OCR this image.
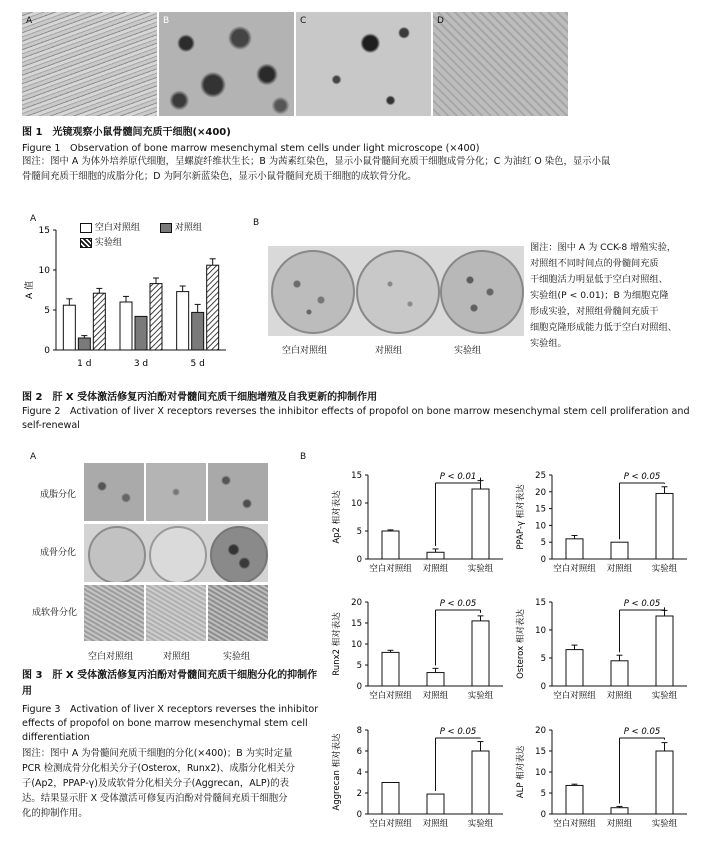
A	B	C	D
图 1　光镜观察小鼠骨髓间充质干细胞(×400)
Figure 1　Observation of bone marrow mesenchymal stem cells under light microscope (×400)
图注：图中 A 为体外培养原代细胞，呈螺旋纤维状生长；B 为茜素红染色，显示小鼠骨髓间充质干细胞成骨分化；C 为油红 O 染色，显示小鼠
骨髓间充质干细胞的成脂分化；D 为阿尔新蓝染色，显示小鼠骨髓间充质干细胞的成软骨分化。
A
0
5
10
15
A 值
1 d	3 d	5 d
空白对照组	对照组
实验组
B
空白对照组	对照组	实验组
图注：图中 A 为 CCK-8 增殖实验，
对照组不同时间点的骨髓间充质
干细胞活力明显低于空白对照组、
实验组(P < 0.01)；B 为细胞克隆
形成实验，对照组骨髓间充质干
细胞克隆形成能力低于空白对照组、
实验组。
图 2　肝 X 受体激活修复丙泊酚对骨髓间充质干细胞增殖及自我更新的抑制作用
Figure 2　Activation of liver X receptors reverses the inhibitor effects of propofol on bone marrow mesenchymal stem cell proliferation and
self-renewal
A
成脂分化
成骨分化
成软骨分化
空白对照组	对照组	实验组
图 3　肝 X 受体激活修复丙泊酚对骨髓间充质干细胞分化的抑制作
用
Figure 3　Activation of liver X receptors reverses the inhibitor
effects of propofol on bone marrow mesenchymal stem cell
differentiation
图注：图中 A 为骨髓间充质干细胞的分化(×400)；B 为实时定量
PCR 检测成骨分化相关分子(Osterox，Runx2)、成脂分化相关分
子(Ap2，PPAP-γ)及成软骨分化相关分子(Aggrecan，ALP)的表
达。结果显示肝 X 受体激活可修复丙泊酚对骨髓间充质干细胞分
化的抑制作用。
B
0
5
10
15
Ap2 相对表达
空白对照组 对照组 实验组
P < 0.01
0
5
10
15
20
25
PPAP-γ 相对表达
空白对照组 对照组 实验组
P < 0.05
0
5
10
15
20
Runx2 相对表达
空白对照组 对照组 实验组
P < 0.05
0
5
10
15
Osterox 相对表达
空白对照组 对照组 实验组
P < 0.05
0
2
4
6
8
Aggrecan 相对表达
空白对照组 对照组 实验组
P < 0.05
0
5
10
15
20
ALP 相对表达
空白对照组 对照组 实验组
P < 0.05
